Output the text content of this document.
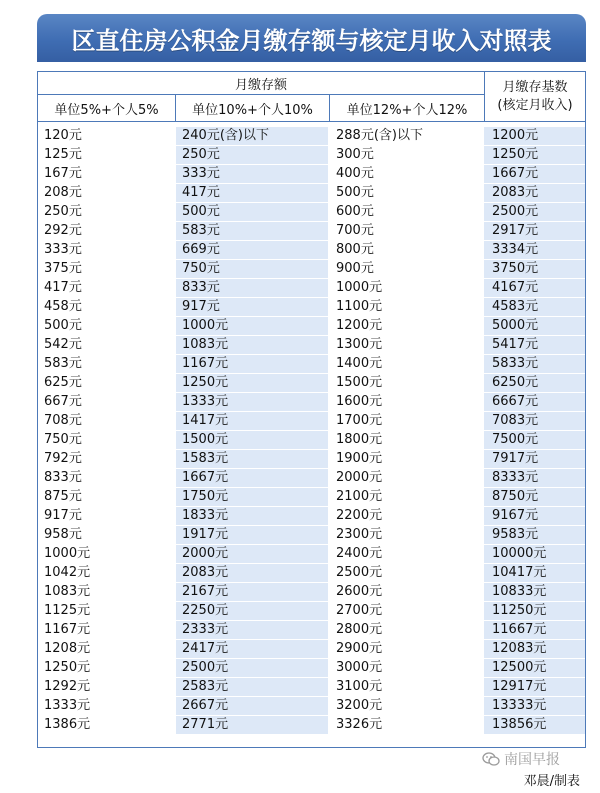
区直住房公积金月缴存额与核定月收入对照表
月缴存额
单位5%+个人5%	单位10%+个人10%	单位12%+个人12%
月缴存基数
(核定月收入)
120元	240元(含)以下	288元(含)以下	1200元
125元	250元	300元	1250元
167元	333元	400元	1667元
208元	417元	500元	2083元
250元	500元	600元	2500元
292元	583元	700元	2917元
333元	669元	800元	3334元
375元	750元	900元	3750元
417元	833元	1000元	4167元
458元	917元	1100元	4583元
500元	1000元	1200元	5000元
542元	1083元	1300元	5417元
583元	1167元	1400元	5833元
625元	1250元	1500元	6250元
667元	1333元	1600元	6667元
708元	1417元	1700元	7083元
750元	1500元	1800元	7500元
792元	1583元	1900元	7917元
833元	1667元	2000元	8333元
875元	1750元	2100元	8750元
917元	1833元	2200元	9167元
958元	1917元	2300元	9583元
1000元	2000元	2400元	10000元
1042元	2083元	2500元	10417元
1083元	2167元	2600元	10833元
1125元	2250元	2700元	11250元
1167元	2333元	2800元	11667元
1208元	2417元	2900元	12083元
1250元	2500元	3000元	12500元
1292元	2583元	3100元	12917元
1333元	2667元	3200元	13333元
1386元	2771元	3326元	13856元
南国早报
邓晨/制表
